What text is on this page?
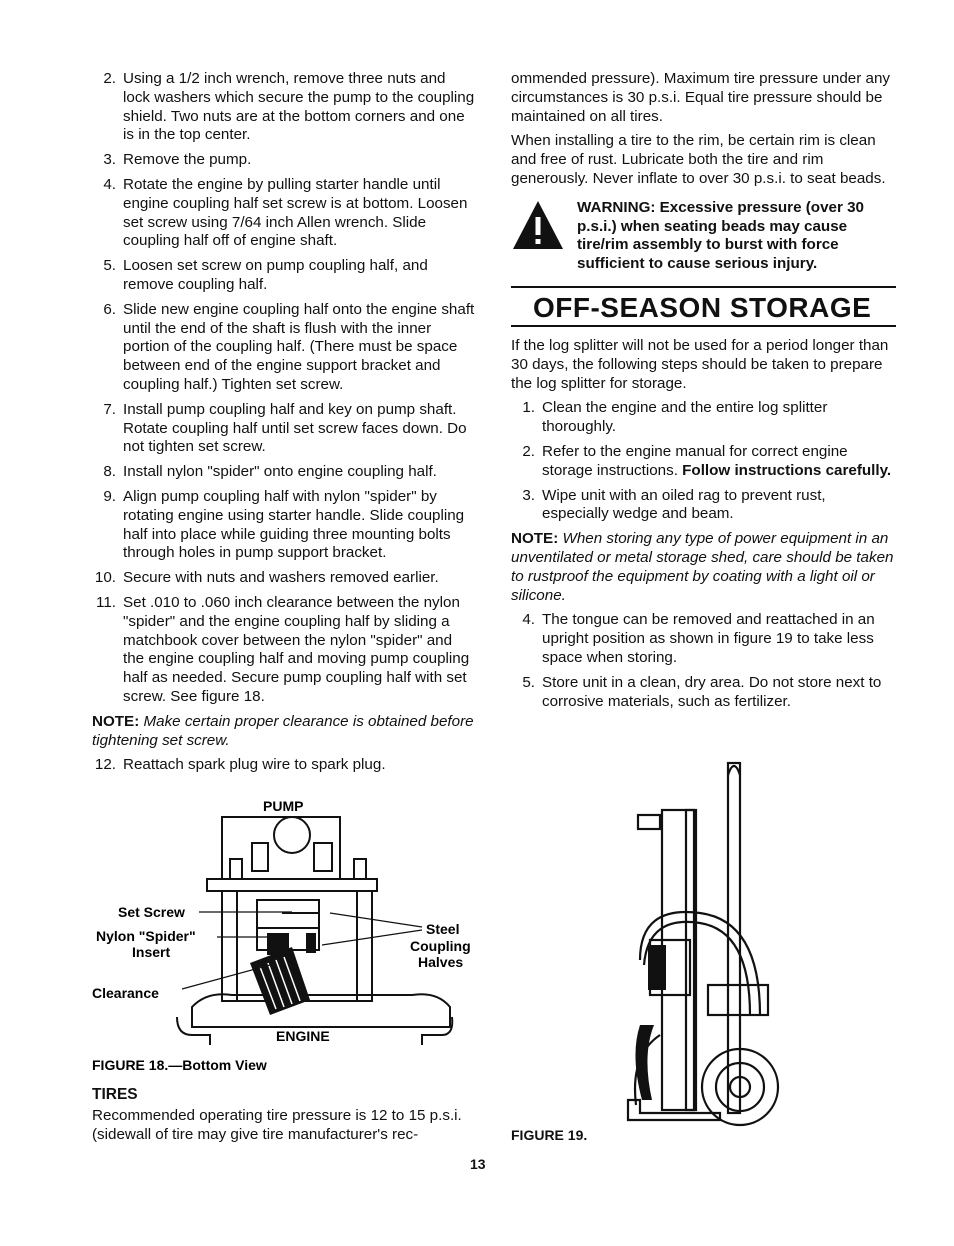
2. Using a 1/2 inch wrench, remove three nuts and lock washers which secure the pump to the coupling shield. Two nuts are at the bottom corners and one is in the top center.
3. Remove the pump.
4. Rotate the engine by pulling starter handle until engine coupling half set screw is at bottom. Loosen set screw using 7/64 inch Allen wrench. Slide coupling half off of engine shaft.
5. Loosen set screw on pump coupling half, and remove coupling half.
6. Slide new engine coupling half onto the engine shaft until the end of the shaft is flush with the inner portion of the coupling half. (There must be space between end of the engine support bracket and coupling half.) Tighten set screw.
7. Install pump coupling half and key on pump shaft. Rotate coupling half until set screw faces down. Do not tighten set screw.
8. Install nylon "spider" onto engine coupling half.
9. Align pump coupling half with nylon "spider" by rotating engine using starter handle. Slide coupling half into place while guiding three mounting bolts through holes in pump support bracket.
10. Secure with nuts and washers removed earlier.
11. Set .010 to .060 inch clearance between the nylon "spider" and the engine coupling half by sliding a matchbook cover between the nylon "spider" and the engine coupling half and moving pump coupling half as needed. Secure pump coupling half with set screw. See figure 18.

NOTE: Make certain proper clearance is obtained before tightening set screw.

12. Reattach spark plug wire to spark plug.
PUMP
Set Screw
Nylon "Spider"
Insert
Clearance
Steel
Coupling
Halves
ENGINE
FIGURE 18.—Bottom View
TIRES

Recommended operating tire pressure is 12 to 15 p.s.i. (sidewall of tire may give tire manufacturer's rec-

ommended pressure). Maximum tire pressure under any circumstances is 30 p.s.i. Equal tire pressure should be maintained on all tires.

When installing a tire to the rim, be certain rim is clean and free of rust. Lubricate both the tire and rim generously. Never inflate to over 30 p.s.i. to seat beads.

WARNING: Excessive pressure (over 30 p.s.i.) when seating beads may cause tire/rim assembly to burst with force sufficient to cause serious injury.
OFF-SEASON STORAGE

If the log splitter will not be used for a period longer than 30 days, the following steps should be taken to prepare the log splitter for storage.

1. Clean the engine and the entire log splitter thoroughly.
2. Refer to the engine manual for correct engine storage instructions. Follow instructions carefully.
3. Wipe unit with an oiled rag to prevent rust, especially wedge and beam.

NOTE: When storing any type of power equipment in an unventilated or metal storage shed, care should be taken to rustproof the equipment by coating with a light oil or silicone.

4. The tongue can be removed and reattached in an upright position as shown in figure 19 to take less space when storing.
5. Store unit in a clean, dry area. Do not store next to corrosive materials, such as fertilizer.
FIGURE 19.
13
